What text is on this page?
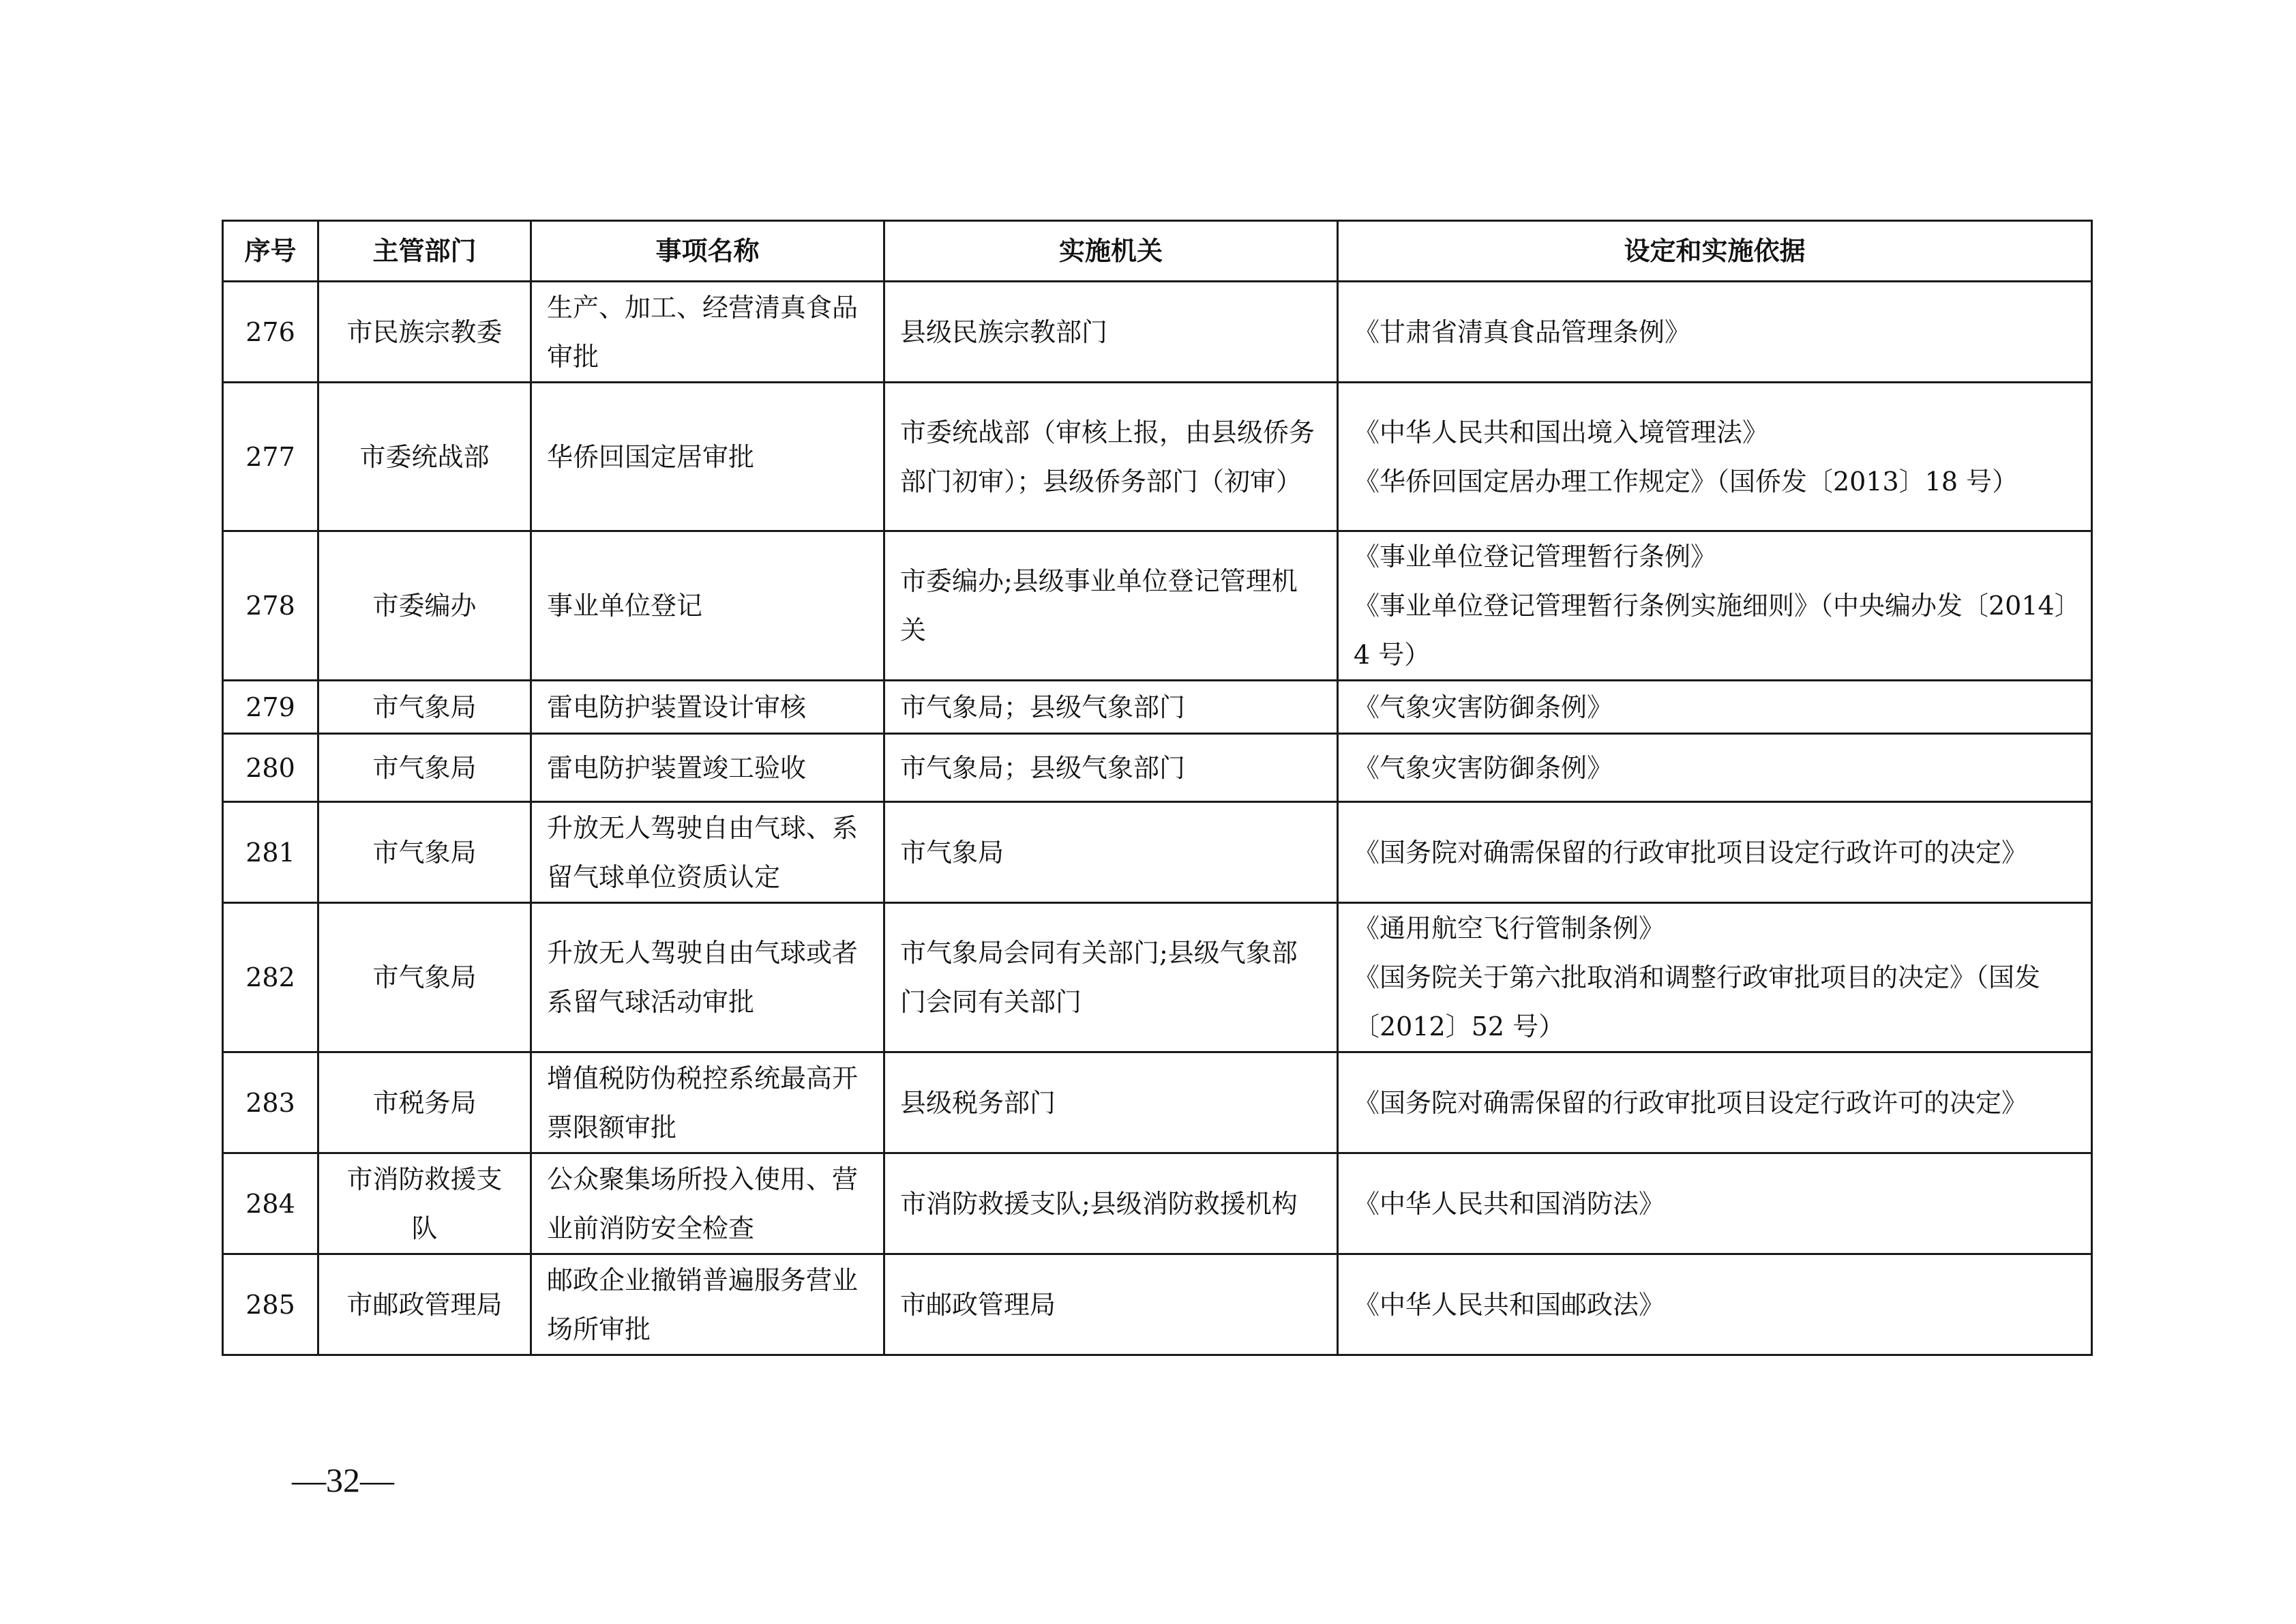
序号	主管部门	事项名称	实施机关	设定和实施依据
276	市民族宗教委	生产、加工、经营清真食品审批	县级民族宗教部门	《甘肃省清真食品管理条例》

277	市委统战部	华侨回国定居审批	市委统战部（审核上报，由县级侨务部门初审）；县级侨务部门（初审）	《中华人民共和国出境入境管理法》
《华侨回国定居办理工作规定》（国侨发〔2013〕18 号）

278	市委编办	事业单位登记	市委编办;县级事业单位登记管理机关	《事业单位登记管理暂行条例》
《事业单位登记管理暂行条例实施细则》（中央编办发〔2014〕4 号）

279	市气象局	雷电防护装置设计审核	市气象局；县级气象部门	《气象灾害防御条例》

280	市气象局	雷电防护装置竣工验收	市气象局；县级气象部门	《气象灾害防御条例》

281	市气象局	升放无人驾驶自由气球、系留气球单位资质认定	市气象局	《国务院对确需保留的行政审批项目设定行政许可的决定》

282	市气象局	升放无人驾驶自由气球或者系留气球活动审批	市气象局会同有关部门;县级气象部门会同有关部门	《通用航空飞行管制条例》
《国务院关于第六批取消和调整行政审批项目的决定》（国发〔2012〕52 号）

283	市税务局	增值税防伪税控系统最高开票限额审批	县级税务部门	《国务院对确需保留的行政审批项目设定行政许可的决定》

284	市消防救援支队	公众聚集场所投入使用、营业前消防安全检查	市消防救援支队;县级消防救援机构	《中华人民共和国消防法》

285	市邮政管理局	邮政企业撤销普遍服务营业场所审批	市邮政管理局	《中华人民共和国邮政法》
—32—
